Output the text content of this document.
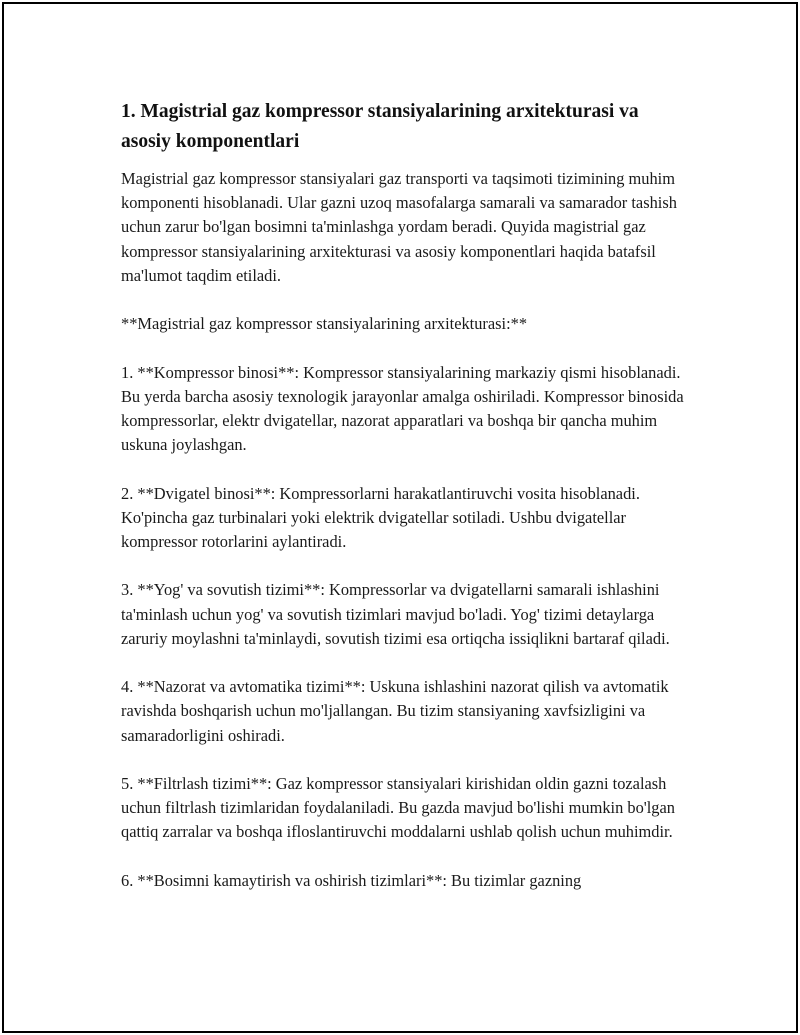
1. Magistrial gaz kompressor stansiyalarining arxitekturasi va asosiy komponentlari

Magistrial gaz kompressor stansiyalari gaz transporti va taqsimoti tizimining muhim komponenti hisoblanadi. Ular gazni uzoq masofalarga samarali va samarador tashish uchun zarur bo'lgan bosimni ta'minlashga yordam beradi. Quyida magistrial gaz kompressor stansiyalarining arxitekturasi va asosiy komponentlari haqida batafsil ma'lumot taqdim etiladi.

**Magistrial gaz kompressor stansiyalarining arxitekturasi:**

1. **Kompressor binosi**: Kompressor stansiyalarining markaziy qismi hisoblanadi. Bu yerda barcha asosiy texnologik jarayonlar amalga oshiriladi. Kompressor binosida kompressorlar, elektr dvigatellar, nazorat apparatlari va boshqa bir qancha muhim uskuna joylashgan.

2. **Dvigatel binosi**: Kompressorlarni harakatlantiruvchi vosita hisoblanadi. Ko'pincha gaz turbinalari yoki elektrik dvigatellar sotiladi. Ushbu dvigatellar kompressor rotorlarini aylantiradi.

3. **Yog' va sovutish tizimi**: Kompressorlar va dvigatellarni samarali ishlashini ta'minlash uchun yog' va sovutish tizimlari mavjud bo'ladi. Yog' tizimi detaylarga zaruriy moylashni ta'minlaydi, sovutish tizimi esa ortiqcha issiqlikni bartaraf qiladi.

4. **Nazorat va avtomatika tizimi**: Uskuna ishlashini nazorat qilish va avtomatik ravishda boshqarish uchun mo'ljallangan. Bu tizim stansiyaning xavfsizligini va samaradorligini oshiradi.

5. **Filtrlash tizimi**: Gaz kompressor stansiyalari kirishidan oldin gazni tozalash uchun filtrlash tizimlaridan foydalaniladi. Bu gazda mavjud bo'lishi mumkin bo'lgan qattiq zarralar va boshqa ifloslantiruvchi moddalarni ushlab qolish uchun muhimdir.

6. **Bosimni kamaytirish va oshirish tizimlari**: Bu tizimlar gazning
